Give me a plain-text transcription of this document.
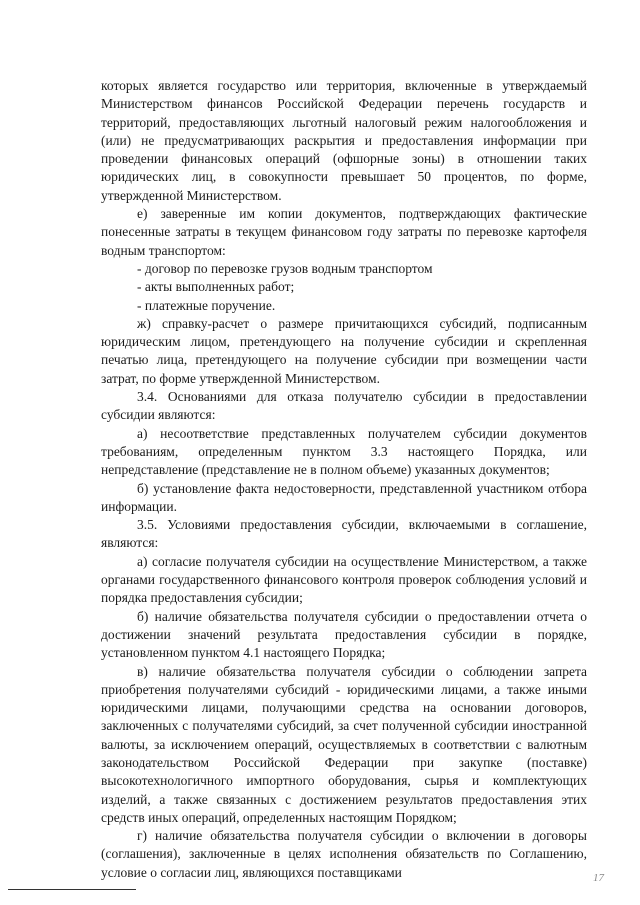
которых является государство или территория, включенные в утверждаемый Министерством финансов Российской Федерации перечень государств и территорий, предоставляющих льготный налоговый режим налогообложения и (или) не предусматривающих раскрытия и предоставления информации при проведении финансовых операций (офшорные зоны) в отношении таких юридических лиц, в совокупности превышает 50 процентов, по форме, утвержденной Министерством.

е) заверенные им копии документов, подтверждающих фактические понесенные затраты в текущем финансовом году затраты по перевозке картофеля водным транспортом:

- договор по перевозке грузов водным транспортом

- акты выполненных работ;

- платежные поручение.

ж) справку-расчет о размере причитающихся субсидий, подписанным юридическим лицом, претендующего на получение субсидии и скрепленная печатью лица, претендующего на получение субсидии при возмещении части затрат, по форме утвержденной Министерством.

3.4. Основаниями для отказа получателю субсидии в предоставлении субсидии являются:

а) несоответствие представленных получателем субсидии документов требованиям, определенным пунктом 3.3 настоящего Порядка, или непредставление (представление не в полном объеме) указанных документов;

б) установление факта недостоверности, представленной участником отбора информации.

3.5. Условиями предоставления субсидии, включаемыми в соглашение, являются:

а) согласие получателя субсидии на осуществление Министерством, а также органами государственного финансового контроля проверок соблюдения условий и порядка предоставления субсидии;

б) наличие обязательства получателя субсидии о предоставлении отчета о достижении значений результата предоставления субсидии в порядке, установленном пунктом 4.1 настоящего Порядка;

в) наличие обязательства получателя субсидии о соблюдении запрета приобретения получателями субсидий - юридическими лицами, а также иными юридическими лицами, получающими средства на основании договоров, заключенных с получателями субсидий, за счет полученной субсидии иностранной валюты, за исключением операций, осуществляемых в соответствии с валютным законодательством Российской Федерации при закупке (поставке) высокотехнологичного импортного оборудования, сырья и комплектующих изделий, а также связанных с достижением результатов предоставления этих средств иных операций, определенных настоящим Порядком;

г) наличие обязательства получателя субсидии о включении в договоры (соглашения), заключенные в целях исполнения обязательств по Соглашению, условие о согласии лиц, являющихся поставщиками	17
